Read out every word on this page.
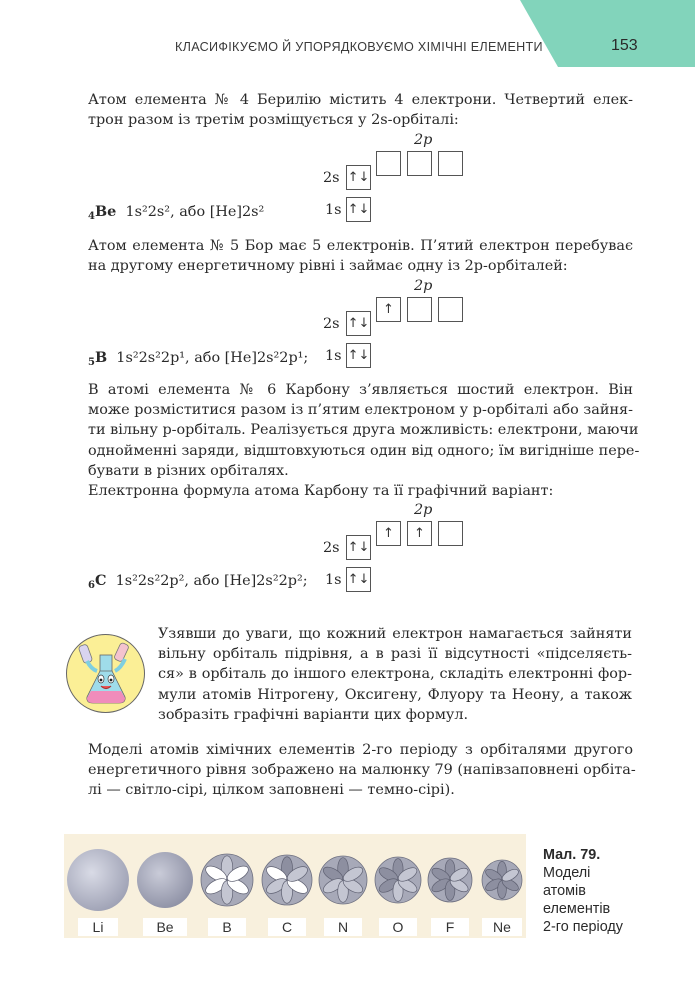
КЛАСИФІКУЄМО Й УПОРЯДКОВУЄМО ХІМІЧНІ ЕЛЕМЕНТИ	153
Атом елемента № 4 Берилію містить 4 електрони. Четвертий елек-
трон разом із третім розміщується у 2s-орбіталі:
2p
2s ↑↓
1s ↑↓
$_4$Be 1s²2s², або [He]2s²
Атом елемента № 5 Бор має 5 електронів. П’ятий електрон перебуває
на другому енергетичному рівні і займає одну із 2p-орбіталей:
2p
↑
2s ↑↓
1s ↑↓
$_5$B 1s²2s²2p¹, або [He]2s²2p¹;
В атомі елемента № 6 Карбону з’являється шостий електрон. Він
може розміститися разом із п’ятим електроном у p-орбіталі або зайня-
ти вільну p-орбіталь. Реалізується друга можливість: електрони, маючи
однойменні заряди, відштовхуються один від одного; їм вигідніше пере-
бувати в різних орбіталях.
Електронна формула атома Карбону та її графічний варіант:
2p
↑	↑
2s ↑↓
1s ↑↓
$_6$C 1s²2s²2p², або [He]2s²2p²;
Узявши до уваги, що кожний електрон намагається зайняти
вільну орбіталь підрівня, а в разі її відсутності «підселяєть-
ся» в орбіталь до іншого електрона, складіть електронні фор-
мули атомів Нітрогену, Оксигену, Флуору та Неону, а також
зобразіть графічні варіанти цих формул.
Моделі атомів хімічних елементів 2-го періоду з орбіталями другого
енергетичного рівня зображено на малюнку 79 (напівзаповнені орбіта-
лі — світло-сірі, цілком заповнені — темно-сірі).
Li	Be	B	C	N	O	F	Ne
Мал. 79.
Моделі
атомів
елементів
2-го періоду
